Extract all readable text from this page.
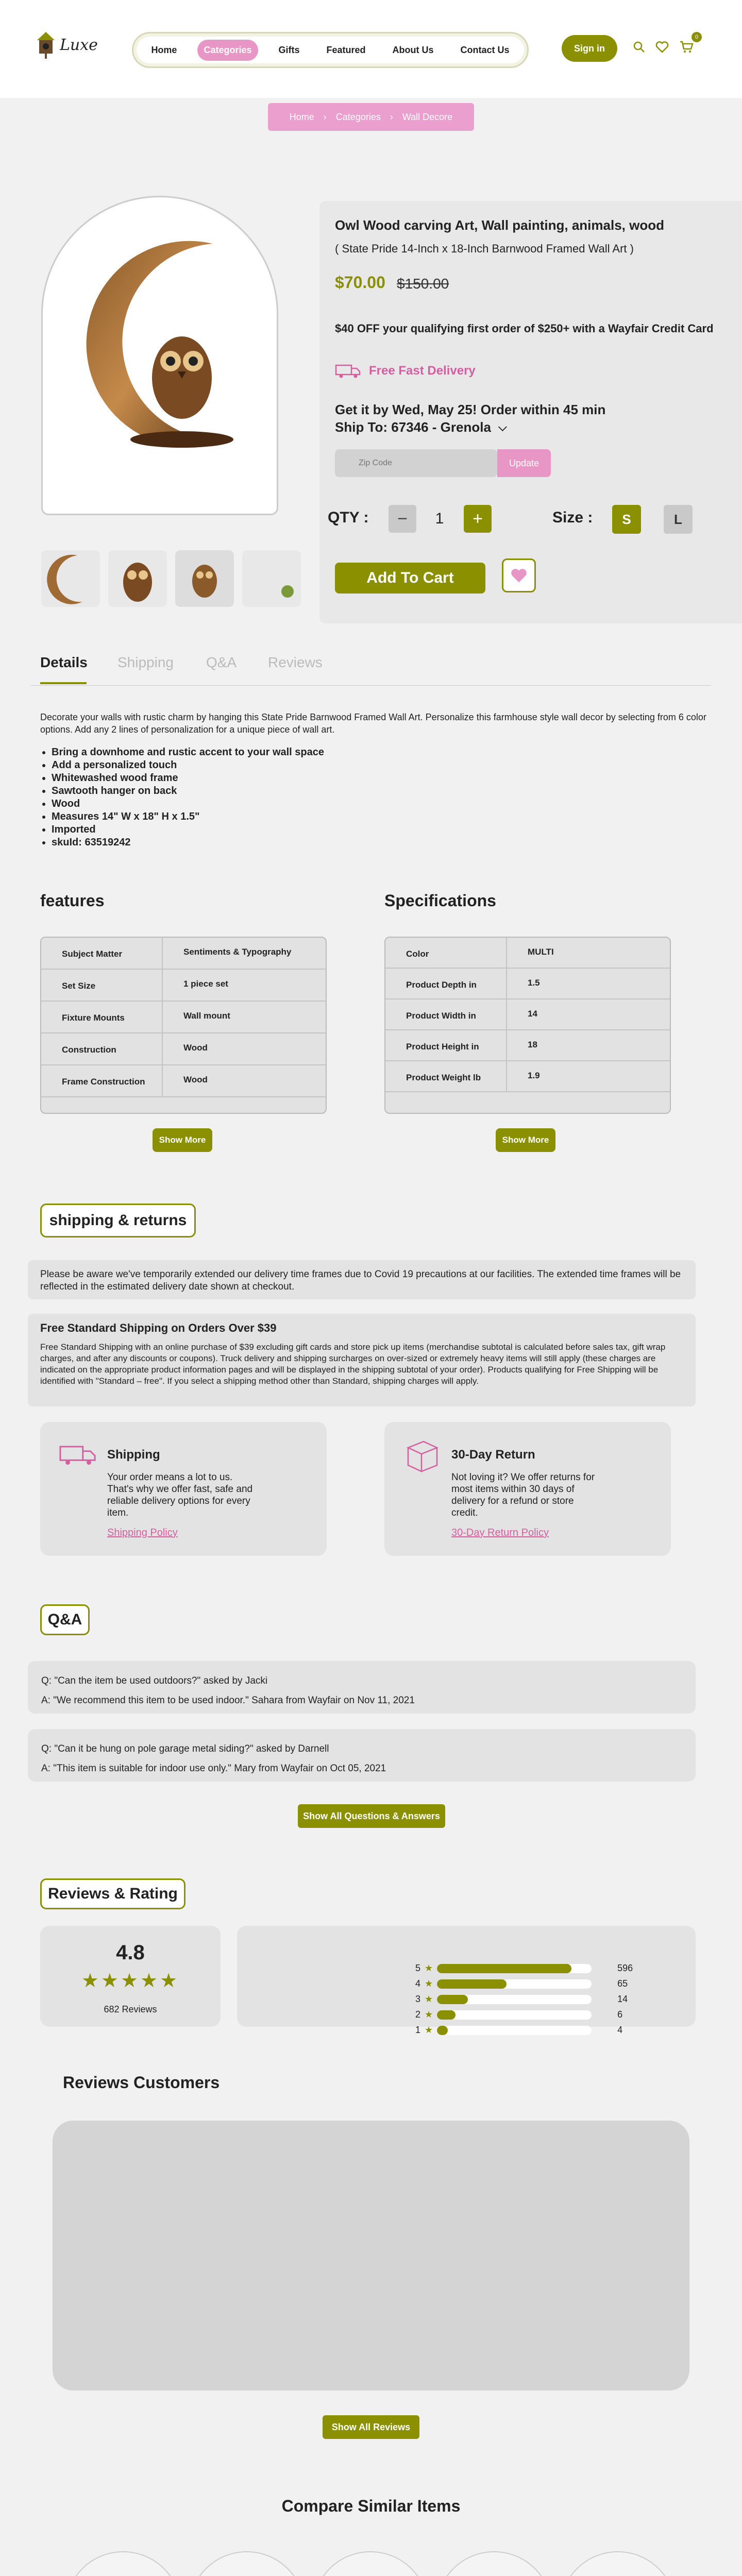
Luxe	Home	Categories	Gifts	Featured	About Us	Contact Us	Sign in
0
Home › Categories › Wall Decore
Owl Wood carving Art, Wall painting, animals, wood
( State Pride 14-Inch x 18-Inch Barnwood Framed Wall Art )
$70.00 $150.00
$40 OFF your qualifying first order of $250+ with a Wayfair Credit Card
Free Fast Delivery
Get it by Wed, May 25! Order within 45 min
Ship To: 67346 - Grenola ⌵
Zip Code
Update
QTY :	−	1	+	Size :	S	L
Add To Cart
Details Shipping Q&A Reviews
Decorate your walls with rustic charm by hanging this State Pride Barnwood Framed Wall Art. Personalize this farmhouse style wall decor by selecting from 6 color options. Add any 2 lines of personalization for a unique piece of wall art.
• Bring a downhome and rustic accent to your wall space
• Add a personalized touch
• Whitewashed wood frame
• Sawtooth hanger on back
• Wood
• Measures 14" W x 18" H x 1.5"
• Imported
• skuId: 63519242
features	Specifications
Subject Matter	Sentiments & Typography
Set Size	1 piece set
Fixture Mounts	Wall mount
Construction	Wood
Frame Construction	Wood
Color	MULTI
Product Depth in	1.5
Product Width in	14
Product Height in	18
Product Weight lb	1.9
Show More	Show More
shipping & returns
Please be aware we've temporarily extended our delivery time frames due to Covid 19 precautions at our facilities. The extended time frames will be reflected in the estimated delivery date shown at checkout.
Free Standard Shipping on Orders Over $39
Free Standard Shipping with an online purchase of $39 excluding gift cards and store pick up items (merchandise subtotal is calculated before sales tax, gift wrap charges, and after any discounts or coupons). Truck delivery and shipping surcharges on over-sized or extremely heavy items will still apply (these charges are indicated on the appropriate product information pages and will be displayed in the shipping subtotal of your order). Products qualifying for Free Shipping will be identified with "Standard – free". If you select a shipping method other than Standard, shipping charges will apply.
Shipping
Your order means a lot to us. That's why we offer fast, safe and reliable delivery options for every item.
Shipping Policy
30-Day Return
Not loving it? We offer returns for most items within 30 days of delivery for a refund or store credit.
30-Day Return Policy
Q&A
Q: "Can the item be used outdoors?" asked by Jacki
A: "We recommend this item to be used indoor." Sahara from Wayfair on Nov 11, 2021
Q: "Can it be hung on pole garage metal siding?" asked by Darnell
A: "This item is suitable for indoor use only." Mary from Wayfair on Oct 05, 2021
Show All Questions & Answers
Reviews & Rating
4.8
★★★★★
682 Reviews
5 ★	596
4 ★	65
3 ★	14
2 ★	6
1 ★	4
Reviews Customers
Show All Reviews
Compare Similar Items
